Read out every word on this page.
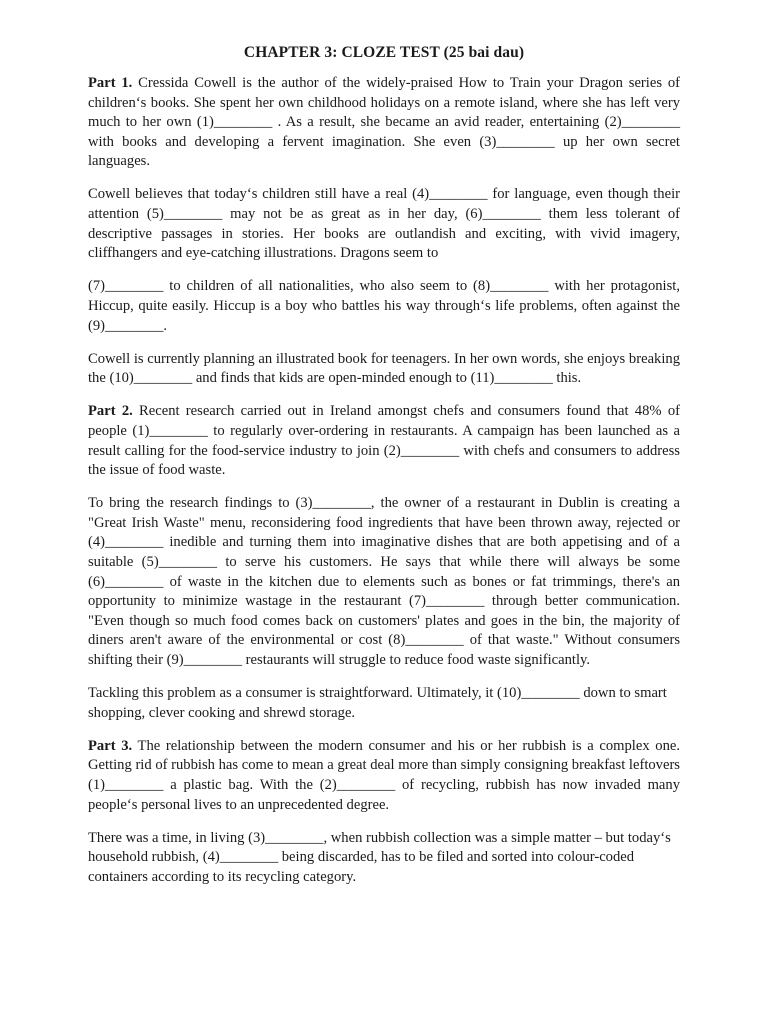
CHAPTER 3: CLOZE TEST (25 bai dau)

Part 1. Cressida Cowell is the author of the widely-praised How to Train your Dragon series of children‘s books. She spent her own childhood holidays on a remote island, where she has left very much to her own (1)________ . As a result, she became an avid reader, entertaining (2)________ with books and developing a fervent imagination. She even (3)________ up her own secret languages.

Cowell believes that today‘s children still have a real (4)________ for language, even though their attention (5)________ may not be as great as in her day, (6)________ them less tolerant of descriptive passages in stories. Her books are outlandish and exciting, with vivid imagery, cliffhangers and eye-catching illustrations. Dragons seem to

(7)________ to children of all nationalities, who also seem to (8)________ with her protagonist, Hiccup, quite easily. Hiccup is a boy who battles his way through‘s life problems, often against the (9)________.

Cowell is currently planning an illustrated book for teenagers. In her own words, she enjoys breaking the (10)________ and finds that kids are open-minded enough to (11)________ this.

Part 2. Recent research carried out in Ireland amongst chefs and consumers found that 48% of people (1)________ to regularly over-ordering in restaurants. A campaign has been launched as a result calling for the food-service industry to join (2)________ with chefs and consumers to address the issue of food waste.

To bring the research findings to (3)________, the owner of a restaurant in Dublin is creating a "Great Irish Waste" menu, reconsidering food ingredients that have been thrown away, rejected or (4)________ inedible and turning them into imaginative dishes that are both appetising and of a suitable (5)________ to serve his customers. He says that while there will always be some (6)________ of waste in the kitchen due to elements such as bones or fat trimmings, there's an opportunity to minimize wastage in the restaurant (7)________ through better communication. "Even though so much food comes back on customers' plates and goes in the bin, the majority of diners aren't aware of the environmental or cost (8)________ of that waste." Without consumers shifting their (9)________ restaurants will struggle to reduce food waste significantly.

Tackling this problem as a consumer is straightforward. Ultimately, it (10)________ down to smart shopping, clever cooking and shrewd storage.

Part 3. The relationship between the modern consumer and his or her rubbish is a complex one. Getting rid of rubbish has come to mean a great deal more than simply consigning breakfast leftovers (1)________ a plastic bag. With the (2)________ of recycling, rubbish has now invaded many people‘s personal lives to an unprecedented degree.

There was a time, in living (3)________, when rubbish collection was a simple matter – but today‘s household rubbish, (4)________ being discarded, has to be filed and sorted into colour-coded containers according to its recycling category.
